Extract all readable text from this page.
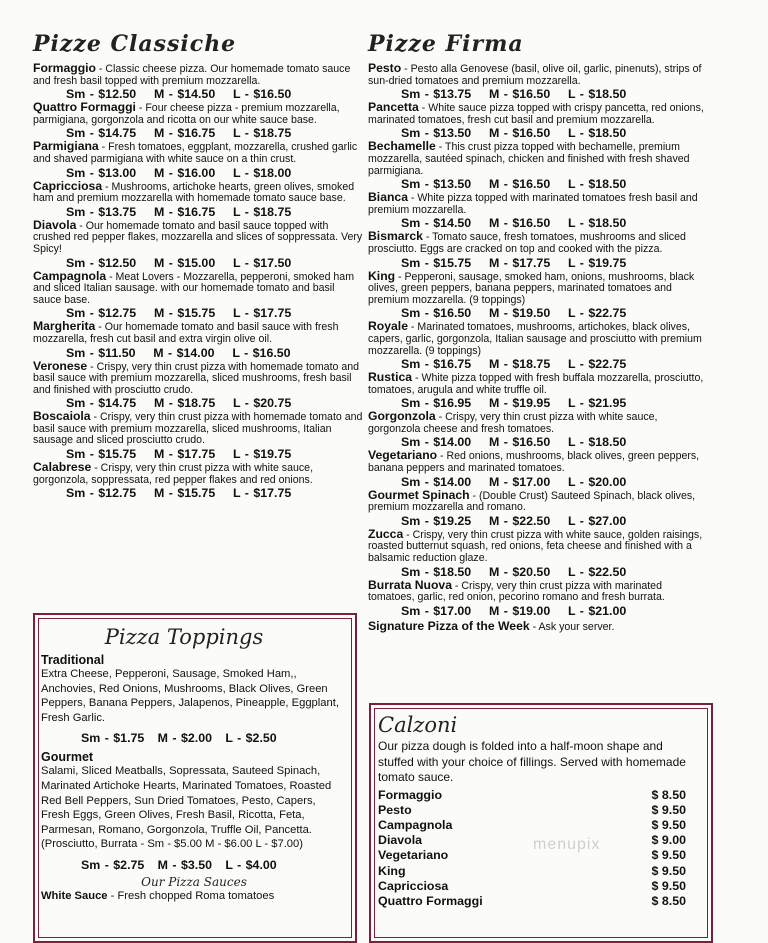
Pizze Classiche
Formaggio - Classic cheese pizza. Our homemade tomato sauce and fresh basil topped with premium mozzarella.
Sm - $12.50 M - $14.50 L - $16.50
Quattro Formaggi - Four cheese pizza - premium mozzarella, parmigiana, gorgonzola and ricotta on our white sauce base.
Sm - $14.75 M - $16.75 L - $18.75
Parmigiana - Fresh tomatoes, eggplant, mozzarella, crushed garlic and shaved parmigiana with white sauce on a thin crust.
Sm - $13.00 M - $16.00 L - $18.00
Capricciosa - Mushrooms, artichoke hearts, green olives, smoked ham and premium mozzarella with homemade tomato sauce base.
Sm - $13.75 M - $16.75 L - $18.75
Diavola - Our homemade tomato and basil sauce topped with crushed red pepper flakes, mozzarella and slices of soppressata. Very Spicy!
Sm - $12.50 M - $15.00 L - $17.50
Campagnola - Meat Lovers - Mozzarella, pepperoni, smoked ham and sliced Italian sausage. with our homemade tomato and basil sauce base.
Sm - $12.75 M - $15.75 L - $17.75
Margherita - Our homemade tomato and basil sauce with fresh mozzarella, fresh cut basil and extra virgin olive oil.
Sm - $11.50 M - $14.00 L - $16.50
Veronese - Crispy, very thin crust pizza with homemade tomato and basil sauce with premium mozzarella, sliced mushrooms, fresh basil and finished with prosciutto crudo.
Sm - $14.75 M - $18.75 L - $20.75
Boscaiola - Crispy, very thin crust pizza with homemade tomato and basil sauce with premium mozzarella, sliced mushrooms, Italian sausage and sliced prosciutto crudo.
Sm - $15.75 M - $17.75 L - $19.75
Calabrese - Crispy, very thin crust pizza with white sauce, gorgonzola, soppressata, red pepper flakes and red onions.
Sm - $12.75 M - $15.75 L - $17.75
Pizze Firma
Pesto - Pesto alla Genovese (basil, olive oil, garlic, pinenuts), strips of sun-dried tomatoes and premium mozzarella.
Sm - $13.75 M - $16.50 L - $18.50
Pancetta - White sauce pizza topped with crispy pancetta, red onions, marinated tomatoes, fresh cut basil and premium mozzarella.
Sm - $13.50 M - $16.50 L - $18.50
Bechamelle - This crust pizza topped with bechamelle, premium mozzarella, sautéed spinach, chicken and finished with fresh shaved parmigiana.
Sm - $13.50 M - $16.50 L - $18.50
Bianca - White pizza topped with marinated tomatoes fresh basil and premium mozzarella.
Sm - $14.50 M - $16.50 L - $18.50
Bismarck - Tomato sauce, fresh tomatoes, mushrooms and sliced prosciutto. Eggs are cracked on top and cooked with the pizza.
Sm - $15.75 M - $17.75 L - $19.75
King - Pepperoni, sausage, smoked ham, onions, mushrooms, black olives, green peppers, banana peppers, marinated tomatoes and premium mozzarella. (9 toppings)
Sm - $16.50 M - $19.50 L - $22.75
Royale - Marinated tomatoes, mushrooms, artichokes, black olives, capers, garlic, gorgonzola, Italian sausage and prosciutto with premium mozzarella. (9 toppings)
Sm - $16.75 M - $18.75 L - $22.75
Rustica - White pizza topped with fresh buffala mozzarella, prosciutto, tomatoes, arugula and white truffle oil.
Sm - $16.95 M - $19.95 L - $21.95
Gorgonzola - Crispy, very thin crust pizza with white sauce, gorgonzola cheese and fresh tomatoes.
Sm - $14.00 M - $16.50 L - $18.50
Vegetariano - Red onions, mushrooms, black olives, green peppers, banana peppers and marinated tomatoes.
Sm - $14.00 M - $17.00 L - $20.00
Gourmet Spinach - (Double Crust) Sauteed Spinach, black olives, premium mozzarella and romano.
Sm - $19.25 M - $22.50 L - $27.00
Zucca - Crispy, very thin crust pizza with white sauce, golden raisings, roasted butternut squash, red onions, feta cheese and finished with a balsamic reduction glaze.
Sm - $18.50 M - $20.50 L - $22.50
Burrata Nuova - Crispy, very thin crust pizza with marinated tomatoes, garlic, red onion, pecorino romano and fresh burrata.
Sm - $17.00 M - $19.00 L - $21.00
Signature Pizza of the Week - Ask your server.
Pizza Toppings
Traditional
Extra Cheese, Pepperoni, Sausage, Smoked Ham,, Anchovies, Red Onions, Mushrooms, Black Olives, Green Peppers, Banana Peppers, Jalapenos, Pineapple, Eggplant, Fresh Garlic.
Sm - $1.75 M - $2.00 L - $2.50
Gourmet
Salami, Sliced Meatballs, Sopressata, Sauteed Spinach, Marinated Artichoke Hearts, Marinated Tomatoes, Roasted Red Bell Peppers, Sun Dried Tomatoes, Pesto, Capers, Fresh Eggs, Green Olives, Fresh Basil, Ricotta, Feta, Parmesan, Romano, Gorgonzola, Truffle Oil, Pancetta. (Prosciutto, Burrata - Sm - $5.00 M - $6.00 L - $7.00)
Sm - $2.75 M - $3.50 L - $4.00
Our Pizza Sauces
White Sauce - Fresh chopped Roma tomatoes
Calzoni
Our pizza dough is folded into a half-moon shape and stuffed with your choice of fillings. Served with homemade tomato sauce.
Formaggio	$ 8.50
Pesto	$ 9.50
Campagnola	$ 9.50
Diavola	$ 9.00
Vegetariano	$ 9.50
King	$ 9.50
Capricciosa	$ 9.50
Quattro Formaggi	$ 8.50
menupix
